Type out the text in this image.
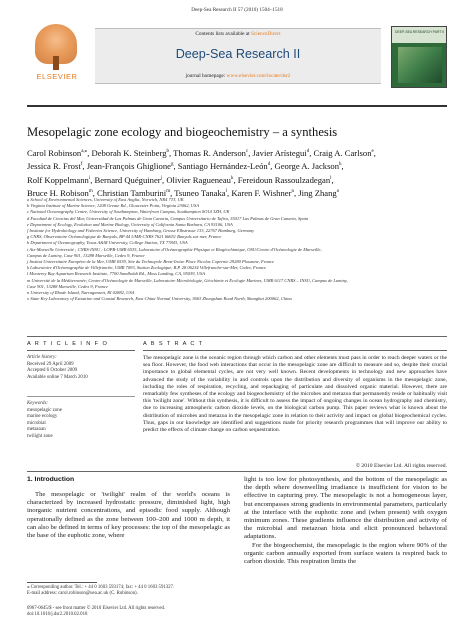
Deep-Sea Research II 57 (2010) 1504–1518
ELSEVIER
Contents lists available at ScienceDirect
Deep-Sea Research II
journal homepage: www.elsevier.com/locate/dsr2
DEEP-SEA RESEARCH PART II
Mesopelagic zone ecology and biogeochemistry – a synthesis
Carol Robinson$^{a,⁎}$, Deborah K. Steinberg$^b$, Thomas R. Anderson$^c$, Javier Arístegui$^d$, Craig A. Carlson$^e$,
Jessica R. Frost$^f$, Jean-François Ghiglione$^g$, Santiago Hernández-León$^d$, George A. Jackson$^h$,
Rolf Koppelmann$^i$, Bernard Quéguiner$^j$, Olivier Ragueneau$^k$, Fereidoun Rassoulzadegan$^l$,
Bruce H. Robison$^m$, Christian Tamburini$^m$, Tsuneo Tanaka$^l$, Karen F. Wishner$^n$, Jing Zhang$^o$

a School of Environmental Sciences, University of East Anglia, Norwich, NR4 7TJ, UK

b Virginia Institute of Marine Science, 1208 Greate Rd., Gloucester Point, Virginia 23062, USA

c National Oceanography Centre, University of Southampton, Waterfront Campus, Southampton SO14 3ZH, UK

d Facultad de Ciencias del Mar, Universidad de Las Palmas de Gran Canaria, Campus Universitario de Tafira, 35017 Las Palmas de Gran Canaria, Spain

e Department of Ecology, Evolution and Marine Biology, University of California Santa Barbara, CA 93106, USA

f Institute for Hydrobiology and Fisheries Science, University of Hamburg, Grosse Elbstrasse 133, 22767 Hamburg, Germany

g CNRS, Observatoire Océanologique de Banyuls, BP 44 UMR-CNRS 7621 66651 Banyuls sur mer, France

h Department of Oceanography, Texas A&M University, College Station, TX 77843, USA

i Aix-Marseille Université ; CNRS-INSU ; LOPB-UMR 6535, Laboratoire d'Océanographie Physique et Biogéochimique, OSU/Centre d'Océanologie de Marseille,

Campus de Luminy, Case 901, 13288 Marseille, Cedex 9, France

j Institut Universitaire Européen de la Mer, UMR 6539, Site du Technopole Brest-Iroise Place Nicolas Copernic 29280 Plouzane, France

k Laboratoire d'Océanographie de Villefranche, UMR 7093, Station Zoologique, B.P. 28 06234 Villefranche-sur-Mer, Cedex, France

l Monterey Bay Aquarium Research Institute, 7700 Sandholdt Rd., Moss Landing, CA, 95039, USA

m Université de la Méditerranée; Centre d'Océanologie de Marseille, Laboratoire Microbiologie, Géochimie et Ecologie Marines, UMR 6117 CNRS – INSU, Campus de Luminy,

Case 901, 13288 Marseille, Cedex 9, France

n University of Rhode Island, Narragansett, RI 02882, USA

o State Key Laboratory of Estuarine and Coastal Research, East China Normal University, 3663 Zhongshan Road North, Shanghai 200062, China

A R T I C L E I N F O	A B S T R A C T
Article history:
Received 29 April 2009
Accepted 6 October 2009
Available online 7 March 2010
Keywords:
mesopelagic zone
marine ecology
microbial
metazoan
twilight zone
The mesopelagic zone is the oceanic region through which carbon and other elements must pass in order to reach deeper waters or the sea floor. However, the food web interactions that occur in the mesopelagic zone are difficult to measure and so, despite their crucial importance to global elemental cycles, are not very well known. Recent developments in technology and new approaches have advanced the study of the variability in and controls upon the distribution and diversity of organisms in the mesopelagic zone, including the roles of respiration, recycling, and repackaging of particulate and dissolved organic material. However, there are remarkably few syntheses of the ecology and biogeochemistry of the microbes and metazoa that permanently reside or habitually visit this 'twilight zone'. Without this synthesis, it is difficult to assess the impact of ongoing changes in ocean hydrography and chemistry, due to increasing atmospheric carbon dioxide levels, on the biological carbon pump. This paper reviews what is known about the distribution of microbes and metazoa in the mesopelagic zone in relation to their activity and impact on global biogeochemical cycles. Thus, gaps in our knowledge are identified and suggestions made for priority research programmes that will improve our ability to predict the effects of climate change on carbon sequestration.
© 2010 Elsevier Ltd. All rights reserved.
1. Introduction

The mesopelagic or 'twilight' realm of the world's oceans is characterized by increased hydrostatic pressure, diminished light, high inorganic nutrient concentrations, and episodic food supply. Although operationally defined as the zone between 100–200 and 1000 m depth, it can also be defined in terms of key processes: the top of the mesopelagic as the base of the euphotic zone, where

light is too low for photosynthesis, and the bottom of the mesopelagic as the depth where downwelling irradiance is insufficient for vision to be effective in capturing prey. The mesopelagic is not a homogeneous layer, but encompasses strong gradients in environmental parameters, particularly at the interface with the euphotic zone and (when present) with oxygen minimum zones. These gradients influence the distribution and activity of the microbial and metazoan biota and elicit pronounced behavioral adaptations.

For the biogeochemist, the mesopelagic is the region where 90% of the organic carbon annually exported from surface waters is respired back to carbon dioxide. This respiration limits the

⁎ Corresponding author. Tel.: + 44 0 1603 593174; fax: + 44 0 1603 591327.
E-mail address: carol.robinson@uea.ac.uk (C. Robinson).
0967-0645/$ - see front matter © 2010 Elsevier Ltd. All rights reserved.
doi:10.1016/j.dsr2.2010.02.018
